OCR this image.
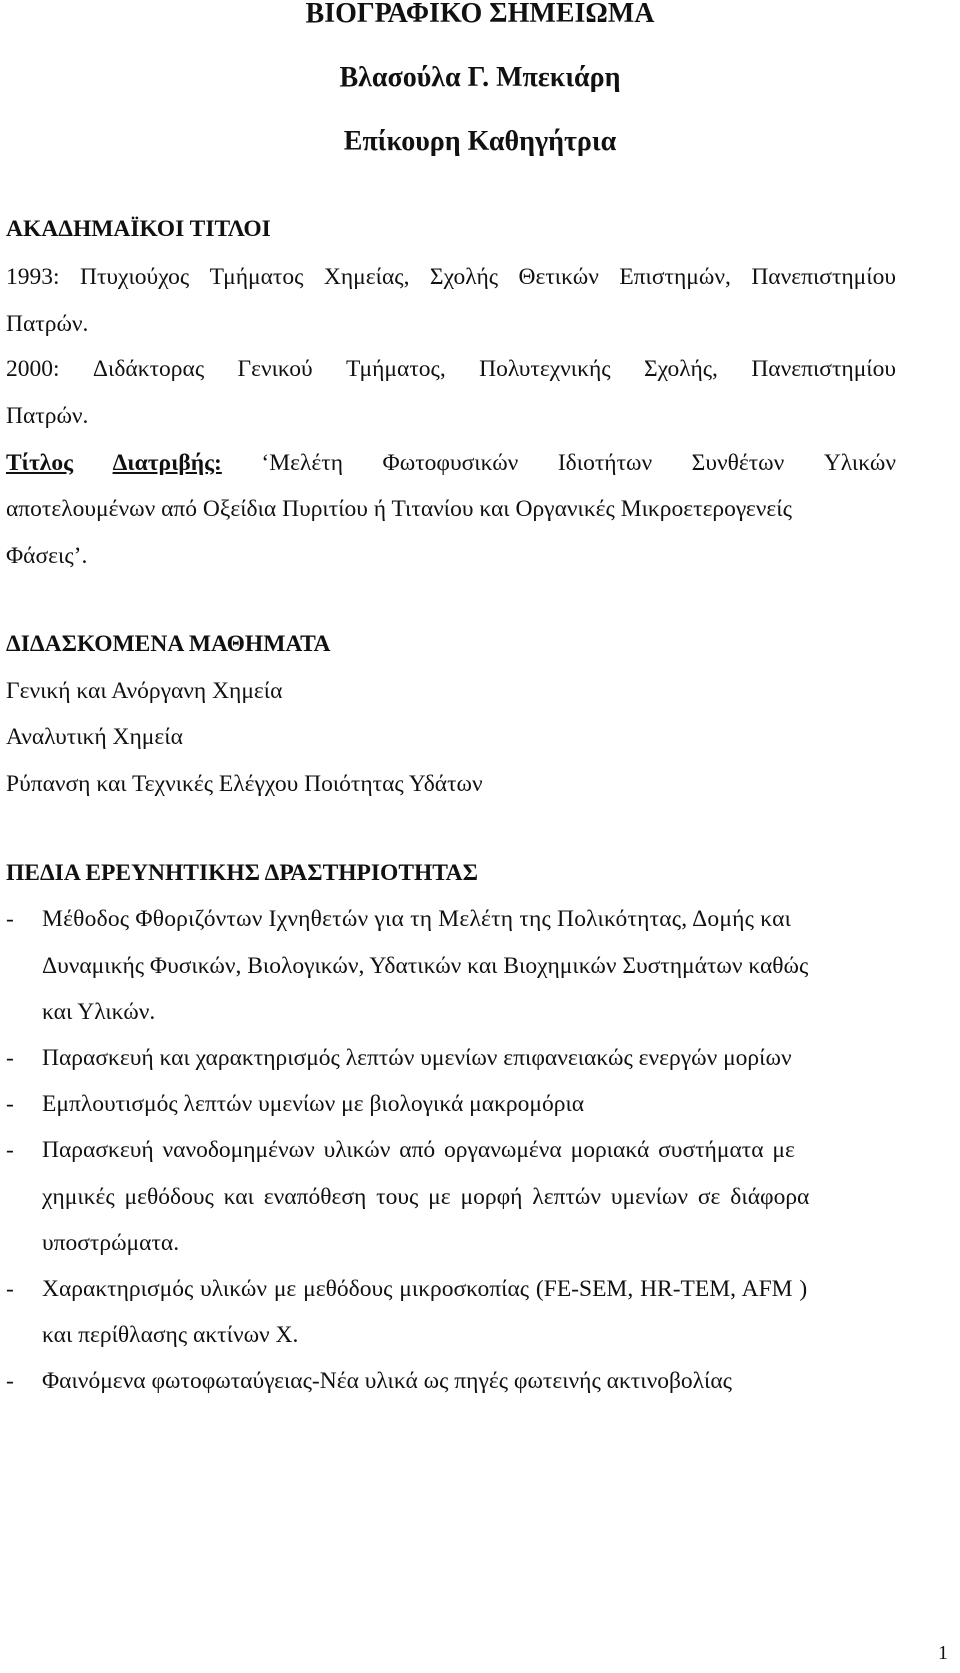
ΒΙΟΓΡΑΦΙΚΟ ΣΗΜΕΙΩΜΑ
Βλασούλα Γ. Μπεκιάρη
Επίκουρη Καθηγήτρια
ΑΚΑΔΗΜΑΪΚΟΙ ΤΙΤΛΟΙ
1993: Πτυχιούχος Τμήματος Χημείας, Σχολής Θετικών Επιστημών, Πανεπιστημίου
Πατρών.
2000: Διδάκτορας Γενικού Τμήματος, Πολυτεχνικής Σχολής, Πανεπιστημίου
Πατρών.
Τίτλος Διατριβής: ‘Μελέτη Φωτοφυσικών Ιδιοτήτων Συνθέτων Υλικών
αποτελουμένων από Οξείδια Πυριτίου ή Τιτανίου και Οργανικές Μικροετερογενείς
Φάσεις’.
ΔΙΔΑΣΚΟΜΕΝΑ ΜΑΘΗΜΑΤΑ
Γενική και Ανόργανη Χημεία
Αναλυτική Χημεία
Ρύπανση και Τεχνικές Ελέγχου Ποιότητας Υδάτων
ΠΕΔΙΑ ΕΡΕΥΝΗΤΙΚΗΣ ΔΡΑΣΤΗΡΙΟΤΗΤΑΣ
- Μέθοδος Φθοριζόντων Ιχνηθετών για τη Μελέτη της Πολικότητας, Δομής και
Δυναμικής Φυσικών, Βιολογικών, Υδατικών και Βιοχημικών Συστημάτων καθώς
και Υλικών.
- Παρασκευή και χαρακτηρισμός λεπτών υμενίων επιφανειακώς ενεργών μορίων
- Εμπλουτισμός λεπτών υμενίων με βιολογικά μακρομόρια
- Παρασκευή νανοδομημένων υλικών από οργανωμένα μοριακά συστήματα με
χημικές μεθόδους και εναπόθεση τους με μορφή λεπτών υμενίων σε διάφορα
υποστρώματα.
- Χαρακτηρισμός υλικών με μεθόδους μικροσκοπίας (FE-SEM, HR-TEM, AFM )
και περίθλασης ακτίνων Χ.
- Φαινόμενα φωτοφωταύγειας-Νέα υλικά ως πηγές φωτεινής ακτινοβολίας
1
